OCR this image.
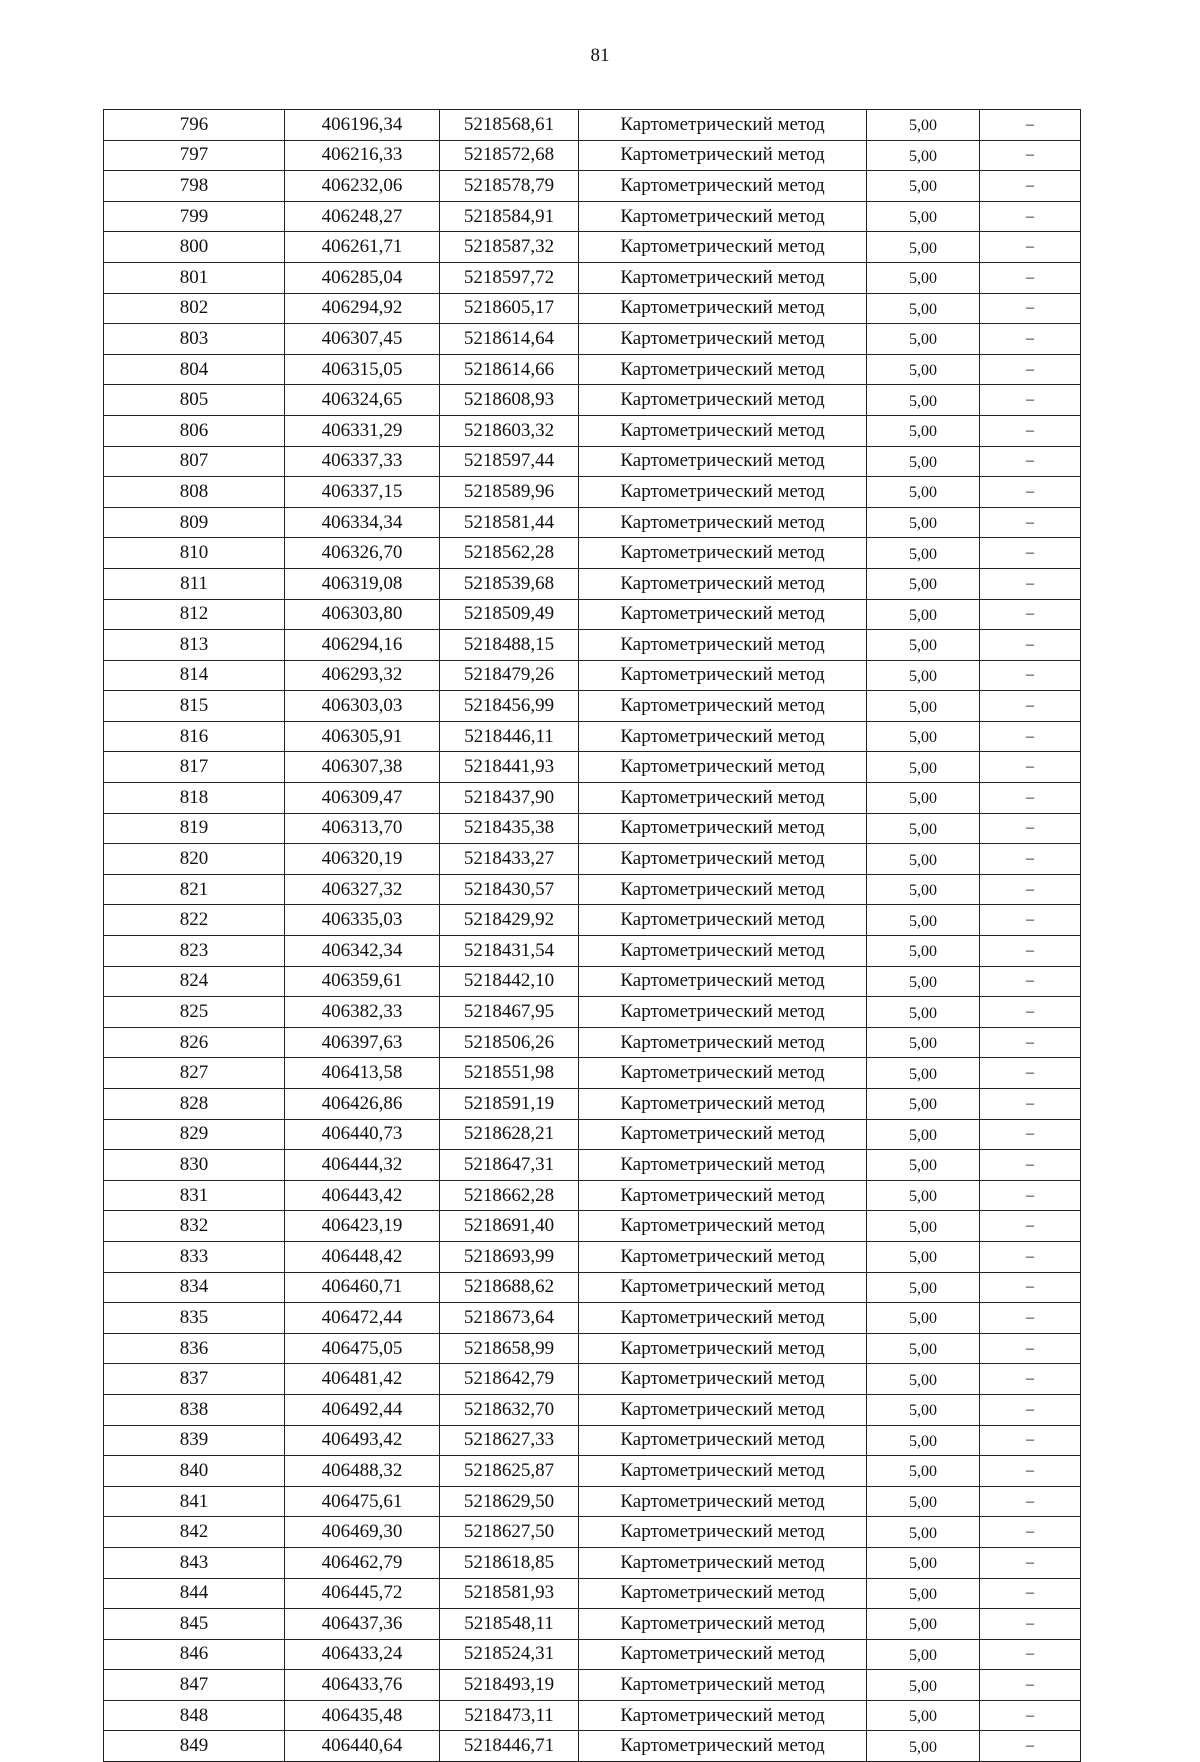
81
796	406196,34	5218568,61	Картометрический метод	5,00	–
797	406216,33	5218572,68	Картометрический метод	5,00	–
798	406232,06	5218578,79	Картометрический метод	5,00	–
799	406248,27	5218584,91	Картометрический метод	5,00	–
800	406261,71	5218587,32	Картометрический метод	5,00	–
801	406285,04	5218597,72	Картометрический метод	5,00	–
802	406294,92	5218605,17	Картометрический метод	5,00	–
803	406307,45	5218614,64	Картометрический метод	5,00	–
804	406315,05	5218614,66	Картометрический метод	5,00	–
805	406324,65	5218608,93	Картометрический метод	5,00	–
806	406331,29	5218603,32	Картометрический метод	5,00	–
807	406337,33	5218597,44	Картометрический метод	5,00	–
808	406337,15	5218589,96	Картометрический метод	5,00	–
809	406334,34	5218581,44	Картометрический метод	5,00	–
810	406326,70	5218562,28	Картометрический метод	5,00	–
811	406319,08	5218539,68	Картометрический метод	5,00	–
812	406303,80	5218509,49	Картометрический метод	5,00	–
813	406294,16	5218488,15	Картометрический метод	5,00	–
814	406293,32	5218479,26	Картометрический метод	5,00	–
815	406303,03	5218456,99	Картометрический метод	5,00	–
816	406305,91	5218446,11	Картометрический метод	5,00	–
817	406307,38	5218441,93	Картометрический метод	5,00	–
818	406309,47	5218437,90	Картометрический метод	5,00	–
819	406313,70	5218435,38	Картометрический метод	5,00	–
820	406320,19	5218433,27	Картометрический метод	5,00	–
821	406327,32	5218430,57	Картометрический метод	5,00	–
822	406335,03	5218429,92	Картометрический метод	5,00	–
823	406342,34	5218431,54	Картометрический метод	5,00	–
824	406359,61	5218442,10	Картометрический метод	5,00	–
825	406382,33	5218467,95	Картометрический метод	5,00	–
826	406397,63	5218506,26	Картометрический метод	5,00	–
827	406413,58	5218551,98	Картометрический метод	5,00	–
828	406426,86	5218591,19	Картометрический метод	5,00	–
829	406440,73	5218628,21	Картометрический метод	5,00	–
830	406444,32	5218647,31	Картометрический метод	5,00	–
831	406443,42	5218662,28	Картометрический метод	5,00	–
832	406423,19	5218691,40	Картометрический метод	5,00	–
833	406448,42	5218693,99	Картометрический метод	5,00	–
834	406460,71	5218688,62	Картометрический метод	5,00	–
835	406472,44	5218673,64	Картометрический метод	5,00	–
836	406475,05	5218658,99	Картометрический метод	5,00	–
837	406481,42	5218642,79	Картометрический метод	5,00	–
838	406492,44	5218632,70	Картометрический метод	5,00	–
839	406493,42	5218627,33	Картометрический метод	5,00	–
840	406488,32	5218625,87	Картометрический метод	5,00	–
841	406475,61	5218629,50	Картометрический метод	5,00	–
842	406469,30	5218627,50	Картометрический метод	5,00	–
843	406462,79	5218618,85	Картометрический метод	5,00	–
844	406445,72	5218581,93	Картометрический метод	5,00	–
845	406437,36	5218548,11	Картометрический метод	5,00	–
846	406433,24	5218524,31	Картометрический метод	5,00	–
847	406433,76	5218493,19	Картометрический метод	5,00	–
848	406435,48	5218473,11	Картометрический метод	5,00	–
849	406440,64	5218446,71	Картометрический метод	5,00	–
